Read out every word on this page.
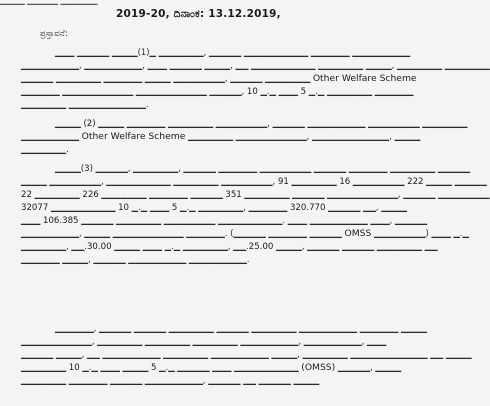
▁▁▁▁ ▁▁▁▁▁ ▁▁▁▁▁▁
2019-20, ದಿನಾಂಕ: 13.12.2019,
ಪ್ರಸ್ತಾವನೆ:
▁▁▁ ▁▁▁▁▁ ▁▁▁▁(1)▁ ▁▁▁▁▁▁▁, ▁▁▁▁▁ ▁▁▁▁▁▁▁▁▁▁ ▁▁▁▁▁▁ ▁▁▁▁▁▁▁▁▁
▁▁▁▁▁▁▁▁▁, ▁▁▁▁▁▁▁▁▁, ▁▁▁ ▁▁▁▁▁ ▁▁▁▁, ▁▁ ▁▁▁▁▁▁▁▁▁▁ ▁▁▁▁▁▁▁ ▁▁▁▁, ▁▁▁▁▁▁▁ ▁▁▁▁▁▁▁
▁▁▁▁▁ ▁▁▁▁▁▁▁ ▁▁▁▁▁▁ ▁▁▁▁ ▁▁▁▁▁▁▁▁, ▁▁▁▁▁ ▁▁▁▁▁▁▁ Other Welfare Scheme
▁▁▁▁▁▁ ▁▁▁▁▁▁▁▁▁▁▁ ▁▁▁▁▁▁▁▁▁▁▁ ▁▁▁▁▁, 10 ▁.▁ ▁▁▁ 5 ▁.▁ ▁▁▁▁▁▁▁ ▁▁▁▁▁▁
▁▁▁▁▁▁▁ ▁▁▁▁▁▁▁▁▁▁▁▁.
▁▁▁▁ (2) ▁▁▁▁ ▁▁▁▁▁▁ ▁▁▁▁▁▁▁ ▁▁▁▁▁▁▁▁, ▁▁▁▁▁ ▁▁▁▁▁▁▁▁▁ ▁▁▁▁▁▁▁▁ ▁▁▁▁▁▁▁
▁▁▁▁▁▁▁▁▁ Other Welfare Scheme ▁▁▁▁▁▁▁ ▁▁▁▁▁▁▁▁▁▁▁, ▁▁▁▁▁▁▁▁▁▁▁▁, ▁▁▁▁
▁▁▁▁▁▁▁.
▁▁▁▁(3) ▁▁▁▁▁, ▁▁▁▁▁▁▁, ▁▁▁▁▁ ▁▁▁▁▁▁ ▁▁▁▁▁▁▁▁ ▁▁▁▁▁ ▁▁▁▁▁▁ ▁▁▁▁▁▁▁ ▁▁▁▁▁
▁▁▁▁ ▁▁▁▁▁▁▁▁, ▁▁▁▁▁▁▁▁▁▁ ▁▁▁▁▁▁▁ ▁▁▁▁▁▁▁▁, 91 ▁▁▁▁▁▁▁ 16 ▁▁▁▁▁▁▁▁ 222 ▁▁▁▁ ▁▁▁▁▁
22 ▁▁▁▁▁▁▁ 226 ▁▁▁▁▁▁▁ ▁▁▁▁▁▁ ▁▁▁▁▁ 351 ▁▁▁▁▁▁▁ ▁▁▁▁▁ ▁▁▁▁▁▁▁▁▁▁▁, ▁▁▁▁▁ ▁▁▁▁▁▁▁▁
32077 ▁▁▁▁▁▁▁▁▁▁ 10 ▁.▁ ▁▁▁ 5 ▁.▁ ▁▁▁▁▁▁▁, ▁▁▁▁▁▁ 320.770 ▁▁▁▁▁ ▁▁, ▁▁▁▁
▁▁▁ 106.385 ▁▁▁▁▁ ▁▁▁▁▁▁▁ ▁▁▁▁▁▁▁▁ ▁▁▁▁▁▁▁▁▁▁. ▁▁▁ ▁▁▁▁▁▁▁▁▁ ▁▁▁, ▁▁▁▁▁
▁▁▁▁▁▁▁▁▁, ▁▁▁▁ ▁▁▁▁▁▁▁▁▁▁▁ ▁▁▁▁▁▁. (▁▁▁▁▁ ▁▁▁▁▁▁ ▁▁▁▁▁ OMSS ▁▁▁▁▁▁▁▁) ▁▁▁ ▁.▁
▁▁▁▁▁▁▁, ▁▁.30.00 ▁▁▁▁ ▁▁▁ ▁.▁ ▁▁▁▁▁▁▁, ▁▁.25.00 ▁▁▁▁, ▁▁▁▁▁ ▁▁▁▁▁ ▁▁▁▁▁▁▁ ▁▁
▁▁▁▁▁▁ ▁▁▁▁, ▁▁▁▁▁ ▁▁▁▁▁▁▁▁▁ ▁▁▁▁▁▁▁▁▁.
▁▁▁▁▁▁, ▁▁▁▁▁ ▁▁▁▁▁ ▁▁▁▁▁▁▁ ▁▁▁▁▁ ▁▁▁▁▁▁▁ ▁▁▁▁▁▁▁▁▁ ▁▁▁▁▁▁ ▁▁▁▁
▁▁▁▁▁▁▁▁▁▁▁, ▁▁▁▁▁▁▁ ▁▁▁▁▁▁▁ ▁▁▁▁▁▁▁ ▁▁▁▁▁▁▁▁▁, ▁▁▁▁▁▁▁▁▁, ▁▁▁
▁▁▁▁▁ ▁▁▁▁, ▁▁ ▁▁▁▁▁▁▁▁▁ ▁▁▁▁▁▁▁ ▁▁▁▁▁▁▁▁▁ ▁▁▁▁, ▁▁▁▁▁▁▁ ▁▁▁▁▁▁▁▁▁▁▁▁ ▁▁ ▁▁▁▁
▁▁▁▁▁▁▁ 10 ▁.▁ ▁▁▁ ▁▁▁▁ 5 ▁.▁ ▁▁▁▁▁ ▁▁▁ ▁▁▁▁▁▁▁▁▁▁ (OMSS) ▁▁▁▁▁, ▁▁▁▁
▁▁▁▁▁▁▁ ▁▁▁▁▁▁ ▁▁▁▁▁ ▁▁▁▁▁▁▁▁▁, ▁▁▁▁▁ ▁▁ ▁▁▁▁▁ ▁▁▁▁
